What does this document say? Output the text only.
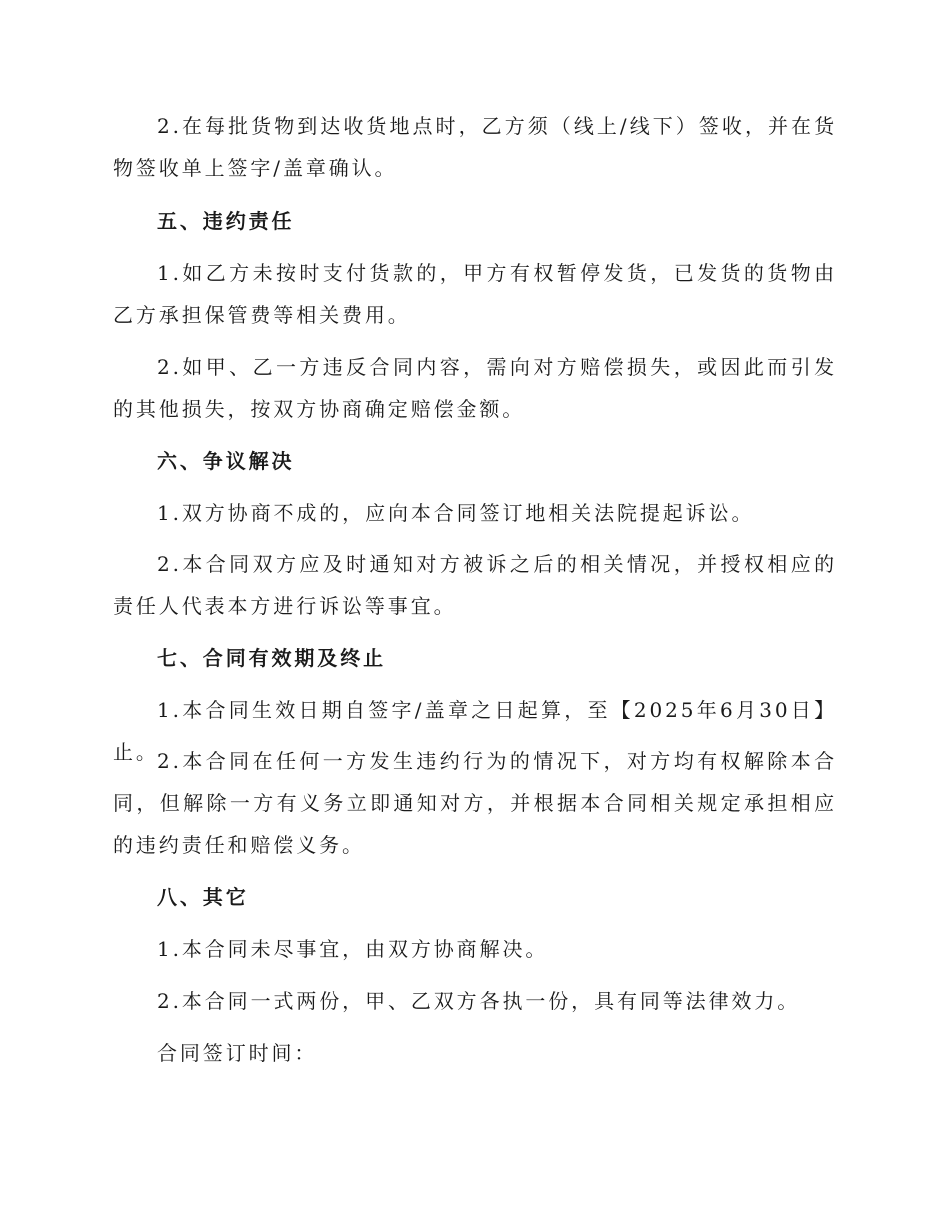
2.在每批货物到达收货地点时，乙方须（线上/线下）签收，并在货物签收单上签字/盖章确认。

五、违约责任

1.如乙方未按时支付货款的，甲方有权暂停发货，已发货的货物由乙方承担保管费等相关费用。

2.如甲、乙一方违反合同内容，需向对方赔偿损失，或因此而引发的其他损失，按双方协商确定赔偿金额。

六、争议解决

1.双方协商不成的，应向本合同签订地相关法院提起诉讼。

2.本合同双方应及时通知对方被诉之后的相关情况，并授权相应的责任人代表本方进行诉讼等事宜。

七、合同有效期及终止

1.本合同生效日期自签字/盖章之日起算，至【2025年6月30日】止。

2.本合同在任何一方发生违约行为的情况下，对方均有权解除本合同，但解除一方有义务立即通知对方，并根据本合同相关规定承担相应的违约责任和赔偿义务。

八、其它

1.本合同未尽事宜，由双方协商解决。

2.本合同一式两份，甲、乙双方各执一份，具有同等法律效力。

合同签订时间：
